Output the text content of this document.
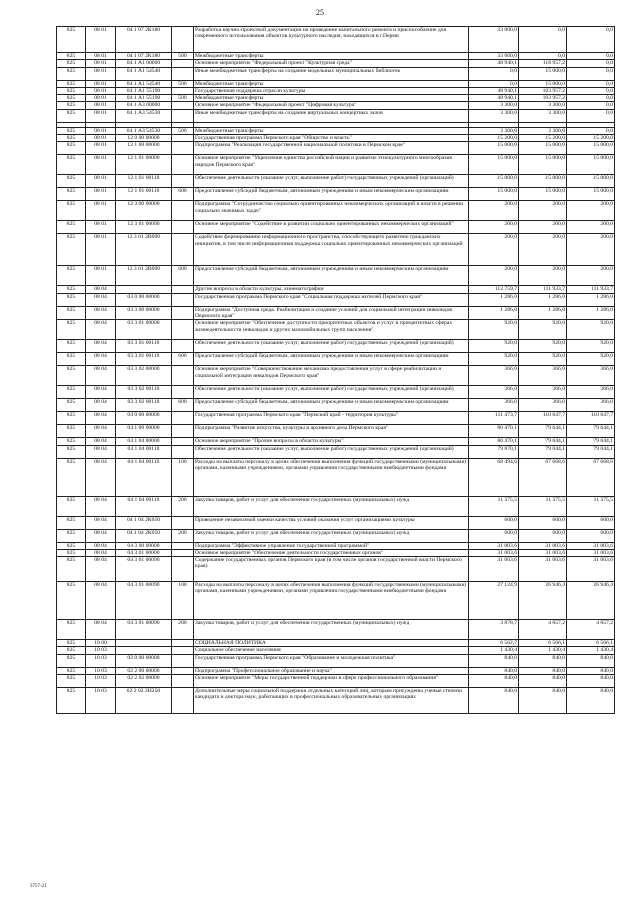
25
825	08 01	04 1 07 2К180		Разработка научно-проектной документации на проведение капитального ремонта и приспособление для современного использования объектов культурного наследия, находящихся в г.Перми	33 000,0	0,0	0,0
825	08 01	04 1 07 2К180	500	Межбюджетные трансферты	33 000,0	0,0	0,0
825	08 01	04 1 А1 00000		Основное мероприятие "Федеральный проект "Культурная среда"	48 940,1	118 957,2	0,0
825	08 01	04 1 А1 54540		Иные межбюджетные трансферты на создание модельных муниципальных библиотек	0,0	15 000,0	0,0
825	08 01	04 1 А1 54540	500	Межбюджетные трансферты	0,0	15 000,0	0,0
825	08 01	04 1 А1 55190		Государственная поддержка отрасли культуры	48 940,1	103 957,2	0,0
825	08 01	04 1 А1 55190	500	Межбюджетные трансферты	48 940,1	103 957,2	0,0
825	08 01	04 1 А3 00000		Основное мероприятие "Федеральный проект "Цифровая культура"	3 300,0	3 300,0	0,0
825	08 01	04 1 А3 54530		Иные межбюджетные трансферты на создание виртуальных концертных залов	3 300,0	3 300,0	0,0

825	08 01	04 1 А3 54530	500	Межбюджетные трансферты	3 300,0	3 300,0	0,0
825	08 01	12 0 00 00000		Государственная программа Пермского края "Общество и власть"	15 200,0	15 200,0	15 200,0
825	08 01	12 1 00 00000		Подпрограмма "Реализация государственной национальной политики в Пермском крае"	15 000,0	15 000,0	15 000,0
825	08 01	12 1 01 00000		Основное мероприятие "Укрепление единства российской нации и развитие этнокультурного многообразия народов Пермского края"	15 000,0	15 000,0	15 000,0
825	08 01	12 1 01 00110		Обеспечение деятельности (оказание услуг, выполнение работ) государственных учреждений (организаций)	15 000,0	15 000,0	15 000,0
825	08 01	12 1 01 00110	600	Предоставление субсидий бюджетным, автономным учреждениям и иным некоммерческим организациям	15 000,0	15 000,0	15 000,0
825	08 01	12 3 00 00000		Подпрограмма "Сотрудничество социально ориентированных некоммерческих организаций и власти в решении социально значимых задач"	200,0	200,0	200,0
825	08 01	12 3 01 00000		Основное мероприятие "Содействие в развитии социально ориентированных некоммерческих организаций"	200,0	200,0	200,0
825	08 01	12 3 01 2В090		Содействие формированию информационного пространства, способствующего развитию гражданских инициатив, в том числе информационная поддержка социально ориентированных некоммерческих организаций	200,0	200,0	200,0
825	08 01	12 3 01 2В090	600	Предоставление субсидий бюджетным, автономным учреждениям и иным некоммерческим организациям	200,0	200,0	200,0
825	08 04			Другие вопросы в области культуры, кинематографии	112 759,7	111 933,7	111 933,7
825	08 04	03 0 00 00000		Государственная программа Пермского края "Социальная поддержка жителей Пермского края"	1 286,0	1 286,0	1 286,0
825	08 04	03 3 00 00000		Подпрограмма "Доступная среда. Реабилитация и создание условий для социальной интеграции инвалидов Пермского края"	1 286,0	1 286,0	1 286,0
825	08 04	03 3 01 00000		Основное мероприятие "Обеспечение доступности приоритетных объектов и услуг в приоритетных сферах жизнедеятельности инвалидов и других маломобильных групп населения"	920,0	920,0	920,0
825	08 04	03 3 01 00110		Обеспечение деятельности (оказание услуг, выполнение работ) государственных учреждений (организаций)	920,0	920,0	920,0
825	08 04	03 3 01 00110	600	Предоставление субсидий бюджетным, автономным учреждениям и иным некоммерческим организациям	920,0	920,0	920,0
825	08 04	03 3 02 00000		Основное мероприятие "Совершенствование механизма предоставления услуг в сфере реабилитации и социальной интеграции инвалидов Пермского края"	366,0	366,0	366,0
825	08 04	03 3 02 00110		Обеспечение деятельности (оказание услуг, выполнение работ) государственных учреждений (организаций)	366,0	366,0	366,0
825	08 04	03 3 02 00110	600	Предоставление субсидий бюджетным, автономным учреждениям и иным некоммерческим организациям	366,0	366,0	366,0
825	08 04	04 0 00 00000		Государственная программа Пермского края "Пермский край - территория культуры"	111 473,7	110 647,7	110 647,7
825	08 04	04 1 00 00000		Подпрограмма "Развитие искусства, культуры и архивного дела Пермского края"	80 470,1	79 644,1	79 644,1
825	08 04	04 1 04 00000		Основное мероприятие "Прочие вопросы в области культуры"	80 470,1	79 644,1	79 644,1
825	08 04	04 1 04 00110		Обеспечение деятельности (оказание услуг, выполнение работ) государственных учреждений (организаций)	79 870,1	79 044,1	79 044,1
825	08 04	04 1 04 00110	100	Расходы на выплаты персоналу в целях обеспечения выполнения функций государственными (муниципальными) органами, казенными учреждениями, органами управления государственными внебюджетными фондами	68 494,6	67 668,6	67 668,6
825	08 04	04 1 04 00110	200	Закупка товаров, работ и услуг для обеспечения государственных (муниципальных) нужд	11 375,5	11 375,5	11 375,5
825	08 04	04 1 04 2К050		Проведение независимой оценки качества условий оказания услуг организациями культуры	600,0	600,0	600,0
825	08 04	04 1 04 2К050	200	Закупка товаров, работ и услуг для обеспечения государственных (муниципальных) нужд	600,0	600,0	600,0
825	08 04	04 3 00 00000		Подпрограмма "Эффективное управление государственной программой"	31 003,6	31 003,6	31 003,6
825	08 04	04 3 01 00000		Основное мероприятие "Обеспечение деятельности государственных органов"	31 003,6	31 003,6	31 003,6
825	08 04	04 3 01 00090		Содержание государственных органов Пермского края (в том числе органов государственной власти Пермского края)	31 003,6	31 003,6	31 003,6
825	08 04	04 3 01 00090	100	Расходы на выплаты персоналу в целях обеспечения выполнения функций государственными (муниципальными) органами, казенными учреждениями, органами управления государственными внебюджетными фондами	27 124,9	26 946,4	26 946,4
825	08 04	04 3 01 00090	200	Закупка товаров, работ и услуг для обеспечения государственных (муниципальных) нужд	3 878,7	4 057,2	4 057,2
825	10 00			СОЦИАЛЬНАЯ ПОЛИТИКА	6 562,7	6 566,1	6 566,1
825	10 03			Социальное обеспечение населения	1 430,4	1 430,4	1 430,4
825	10 03	02 0 00 00000		Государственная программа Пермского края "Образование и молодежная политика"	840,0	840,0	840,0
825	10 03	02 2 00 00000		Подпрограмма "Профессиональное образование и наука"	840,0	840,0	840,0
825	10 03	02 2 02 00000		Основное мероприятие "Меры государственной поддержки в сфере профессионального образования"	840,0	840,0	840,0
825	10 03	02 2 02 2Н250		Дополнительные меры социальной поддержки отдельных категорий лиц, которым присуждены ученые степени кандидата и доктора наук, работающих в профессиональных образовательных организациях	840,0	840,0	840,0
3757-21
